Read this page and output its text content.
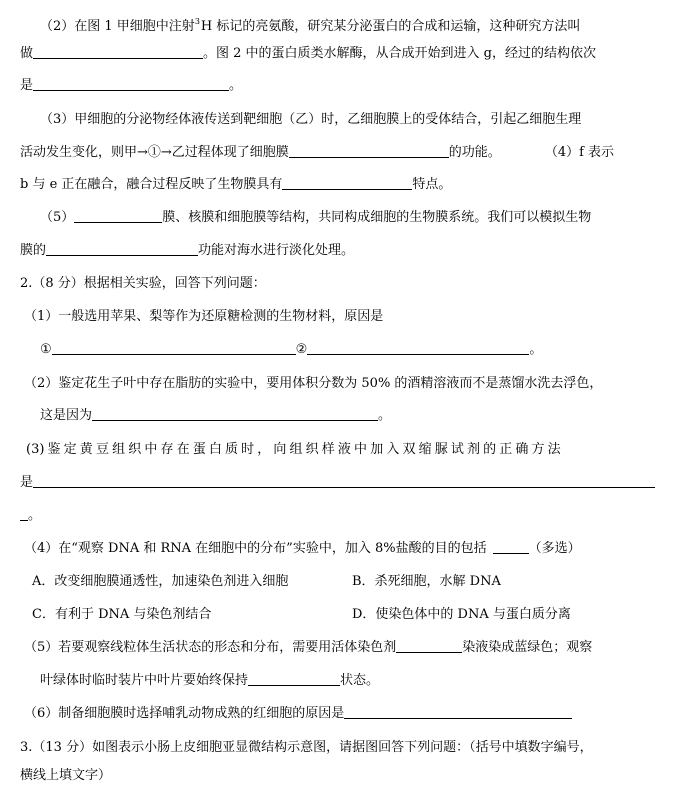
（2）在图 1 甲细胞中注射$^3$H 标记的亮氨酸，研究某分泌蛋白的合成和运输，这种研究方法叫
做	。图 2 中的蛋白质类水解酶，从合成开始到进入 g，经过的结构依次
是	。
（3）甲细胞的分泌物经体液传送到靶细胞（乙）时，乙细胞膜上的受体结合，引起乙细胞生理
活动发生变化，则甲→①→乙过程体现了细胞膜	的功能。	（4）f 表示
b 与 e 正在融合，融合过程反映了生物膜具有	特点。
（5）	膜、核膜和细胞膜等结构，共同构成细胞的生物膜系统。我们可以模拟生物
膜的	功能对海水进行淡化处理。
2.（8 分）根据相关实验，回答下列问题：
（1）一般选用苹果、梨等作为还原糖检测的生物材料，原因是
①	②	。
（2）鉴定花生子叶中存在脂肪的实验中，要用体积分数为 50% 的酒精溶液而不是蒸馏水洗去浮色，
这是因为	。
(3) 鉴 定 黄 豆 组 织 中 存 在 蛋 白 质 时 ， 向 组 织 样 液 中 加 入 双 缩 脲 试 剂 的 正 确 方 法
是
。
（4）在“观察 DNA 和 RNA 在细胞中的分布”实验中，加入 8%盐酸的目的包括	（多选）
A．改变细胞膜通透性，加速染色剂进入细胞	B．杀死细胞，水解 DNA
C．有利于 DNA 与染色剂结合	D．使染色体中的 DNA 与蛋白质分离
（5）若要观察线粒体生活状态的形态和分布，需要用活体染色剂	染液染成蓝绿色；观察
叶绿体时临时装片中叶片要始终保持	状态。
（6）制备细胞膜时选择哺乳动物成熟的红细胞的原因是
3.（13 分）如图表示小肠上皮细胞亚显微结构示意图，请据图回答下列问题：（括号中填数字编号，
横线上填文字）
